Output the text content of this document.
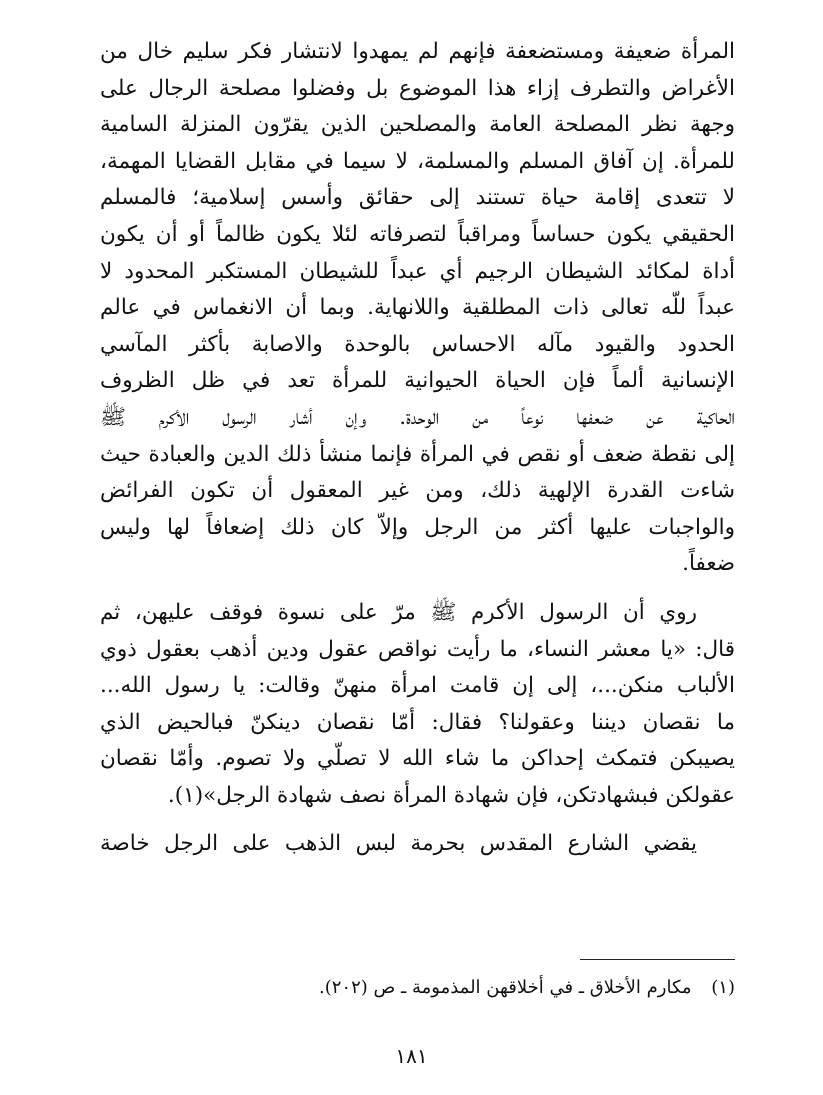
المرأة ضعيفة ومستضعفة فإنهم لم يمهدوا لانتشار فكر سليم خال من
الأغراض والتطرف إزاء هذا الموضوع بل وفضلوا مصلحة الرجال على
وجهة نظر المصلحة العامة والمصلحين الذين يقرّون المنزلة السامية
للمرأة. إن آفاق المسلم والمسلمة، لا سيما في مقابل القضايا المهمة،
لا تتعدى إقامة حياة تستند إلى حقائق وأسس إسلامية؛ فالمسلم
الحقيقي يكون حساساً ومراقباً لتصرفاته لئلا يكون ظالماً أو أن يكون
أداة لمكائد الشيطان الرجيم أي عبداً للشيطان المستكبر المحدود لا
عبداً للّه تعالى ذات المطلقية واللانهاية. وبما أن الانغماس في عالم
الحدود والقيود مآله الاحساس بالوحدة والاصابة بأكثر المآسي
الإنسانية ألماً فإن الحياة الحيوانية للمرأة تعد في ظل الظروف
الحاكية عن ضعفها نوعاً من الوحدة. وإن أشار الرسول الأكرم ﷺ
إلى نقطة ضعف أو نقص في المرأة فإنما منشأ ذلك الدين والعبادة حيث
شاءت القدرة الإلهية ذلك، ومن غير المعقول أن تكون الفرائض
والواجبات عليها أكثر من الرجل وإلاّ كان ذلك إضعافاً لها وليس
ضعفاً.
روي أن الرسول الأكرم ﷺ مرّ على نسوة فوقف عليهن، ثم
قال: «يا معشر النساء، ما رأيت نواقص عقول ودين أذهب بعقول ذوي
الألباب منكن...، إلى إن قامت امرأة منهنّ وقالت: يا رسول الله...
ما نقصان ديننا وعقولنا؟ فقال: أمّا نقصان دينكنّ فبالحيض الذي
يصيبكن فتمكث إحداكن ما شاء الله لا تصلّي ولا تصوم. وأمّا نقصان
عقولكن فبشهادتكن، فإن شهادة المرأة نصف شهادة الرجل»(١).
يقضي الشارع المقدس بحرمة لبس الذهب على الرجل خاصة
(١) مكارم الأخلاق ـ في أخلاقهن المذمومة ـ ص (٢٠٢).
١٨١
